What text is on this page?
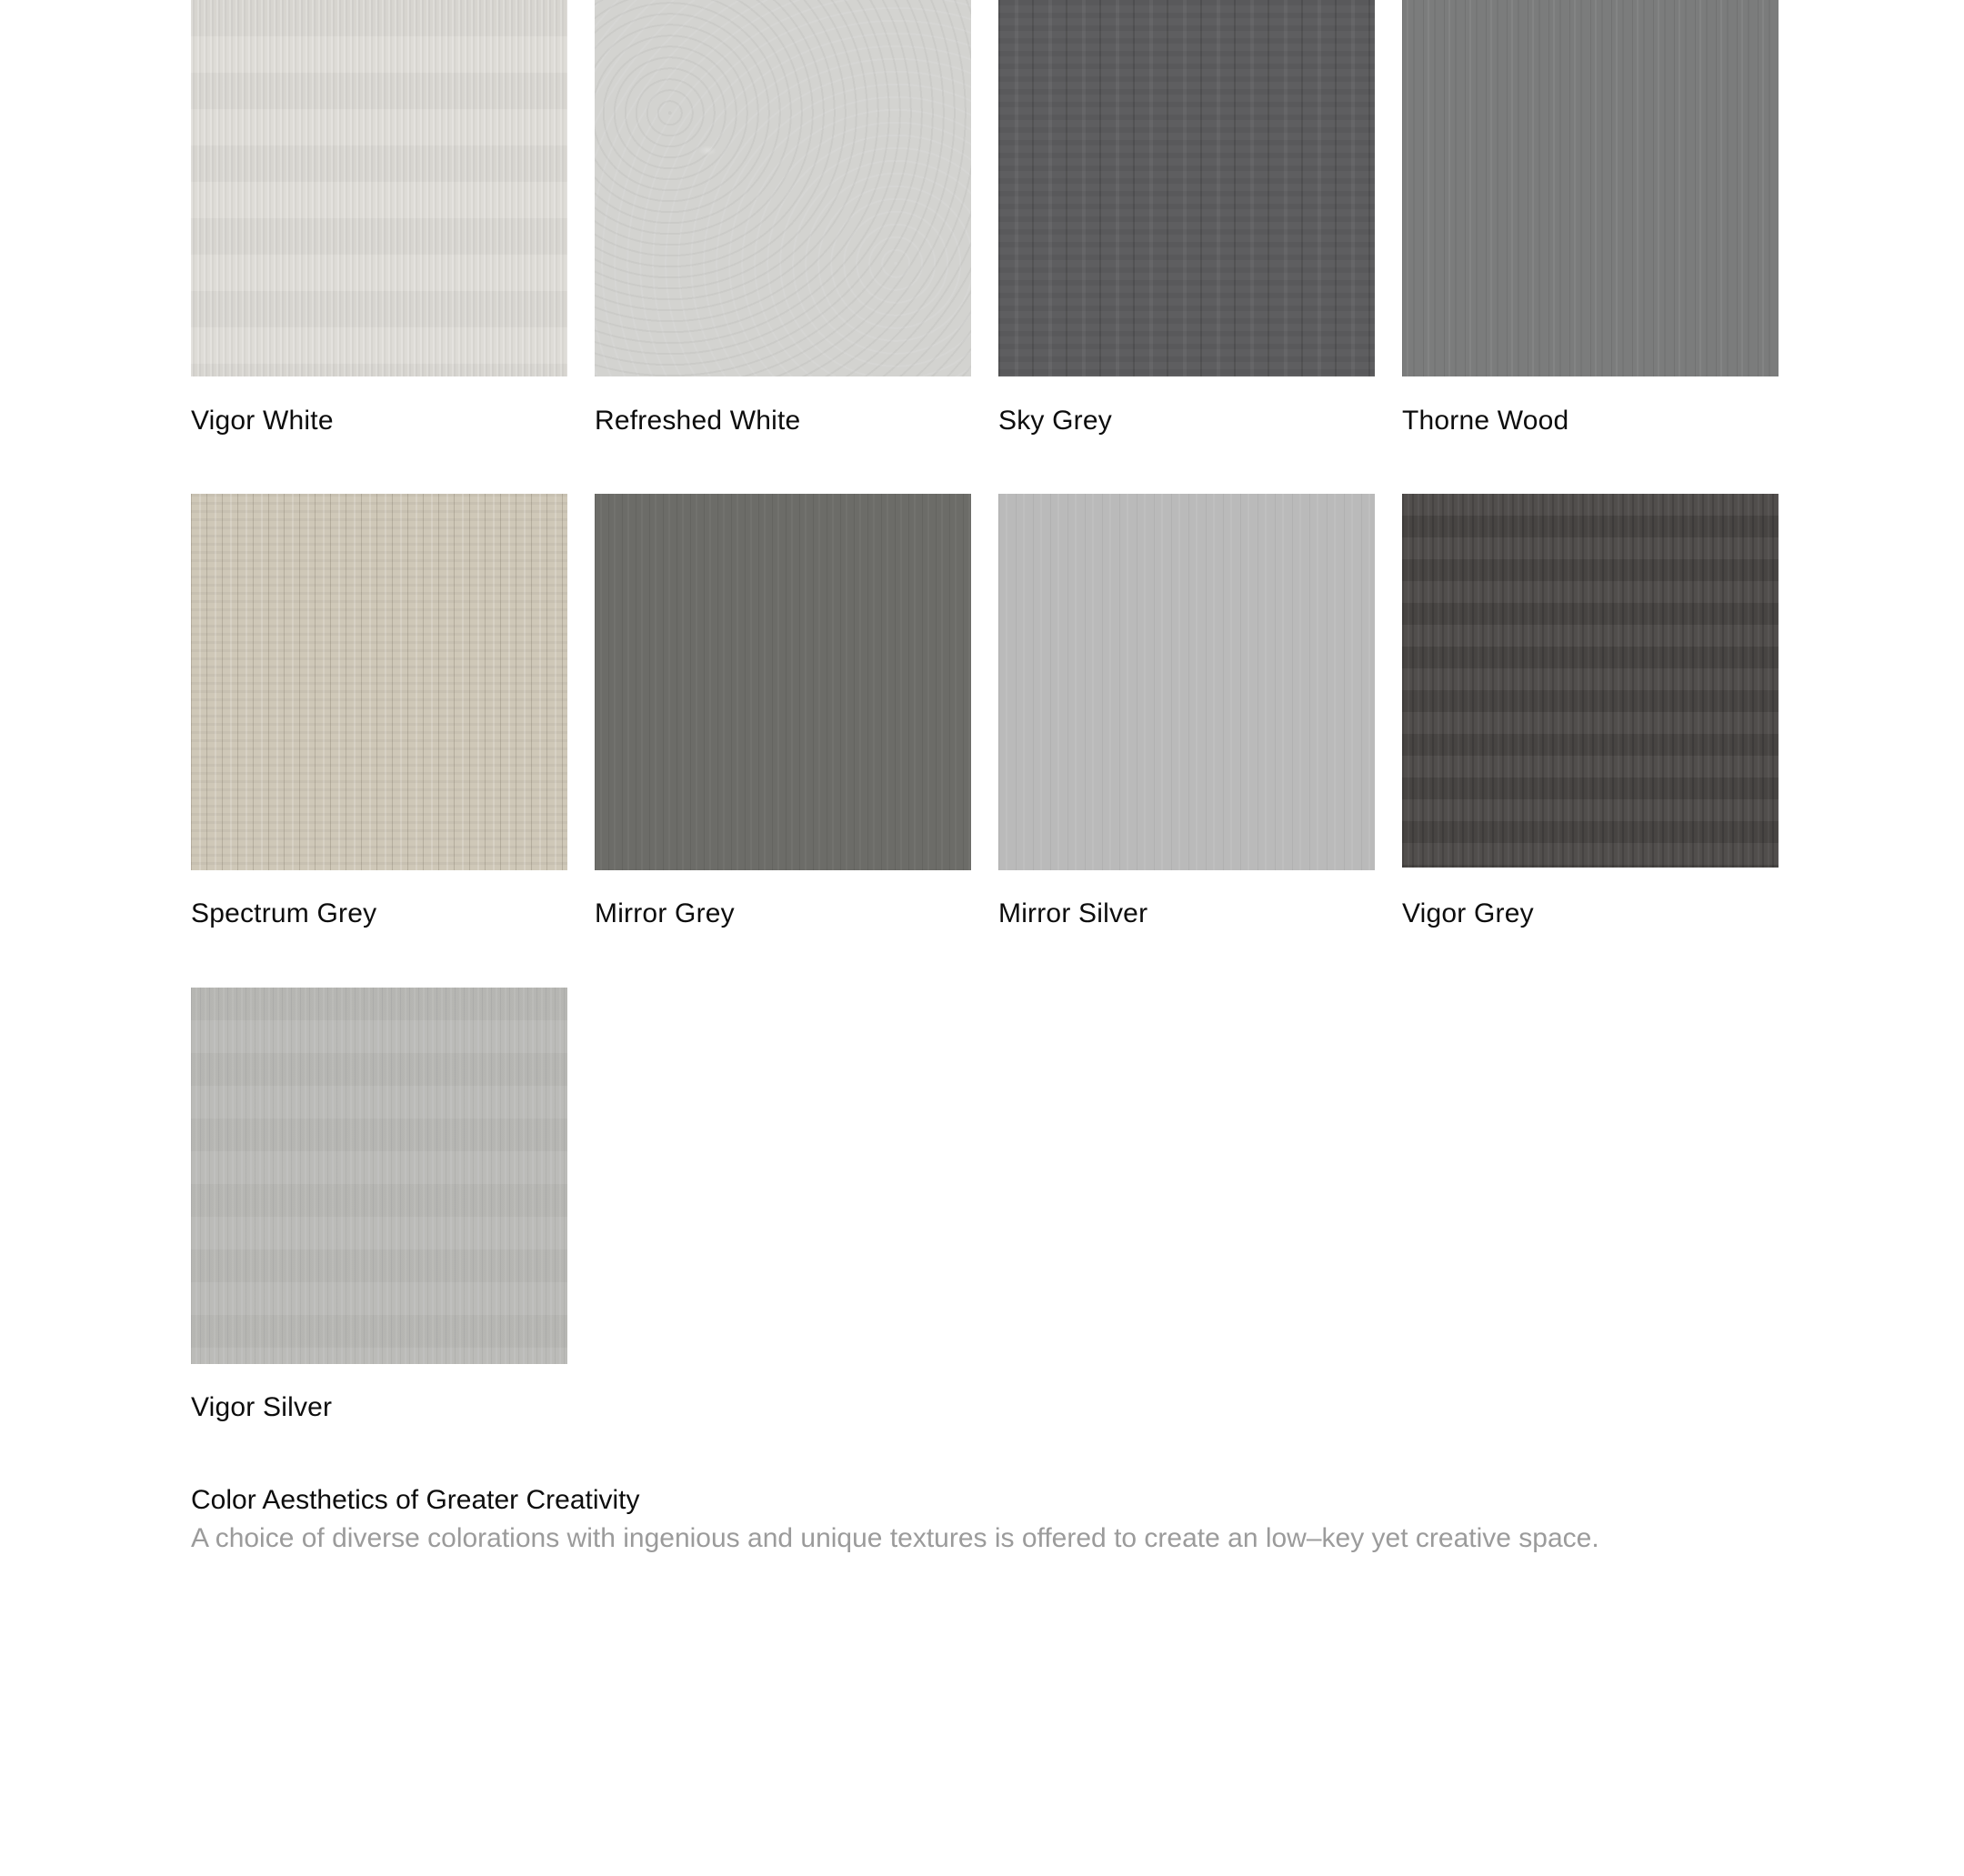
Vigor White	Refreshed White	Sky Grey	Thorne Wood
Spectrum Grey	Mirror Grey	Mirror Silver	Vigor Grey
Vigor Silver
Color Aesthetics of Greater Creativity

A choice of diverse colorations with ingenious and unique textures is offered to create an low–key yet creative space.
